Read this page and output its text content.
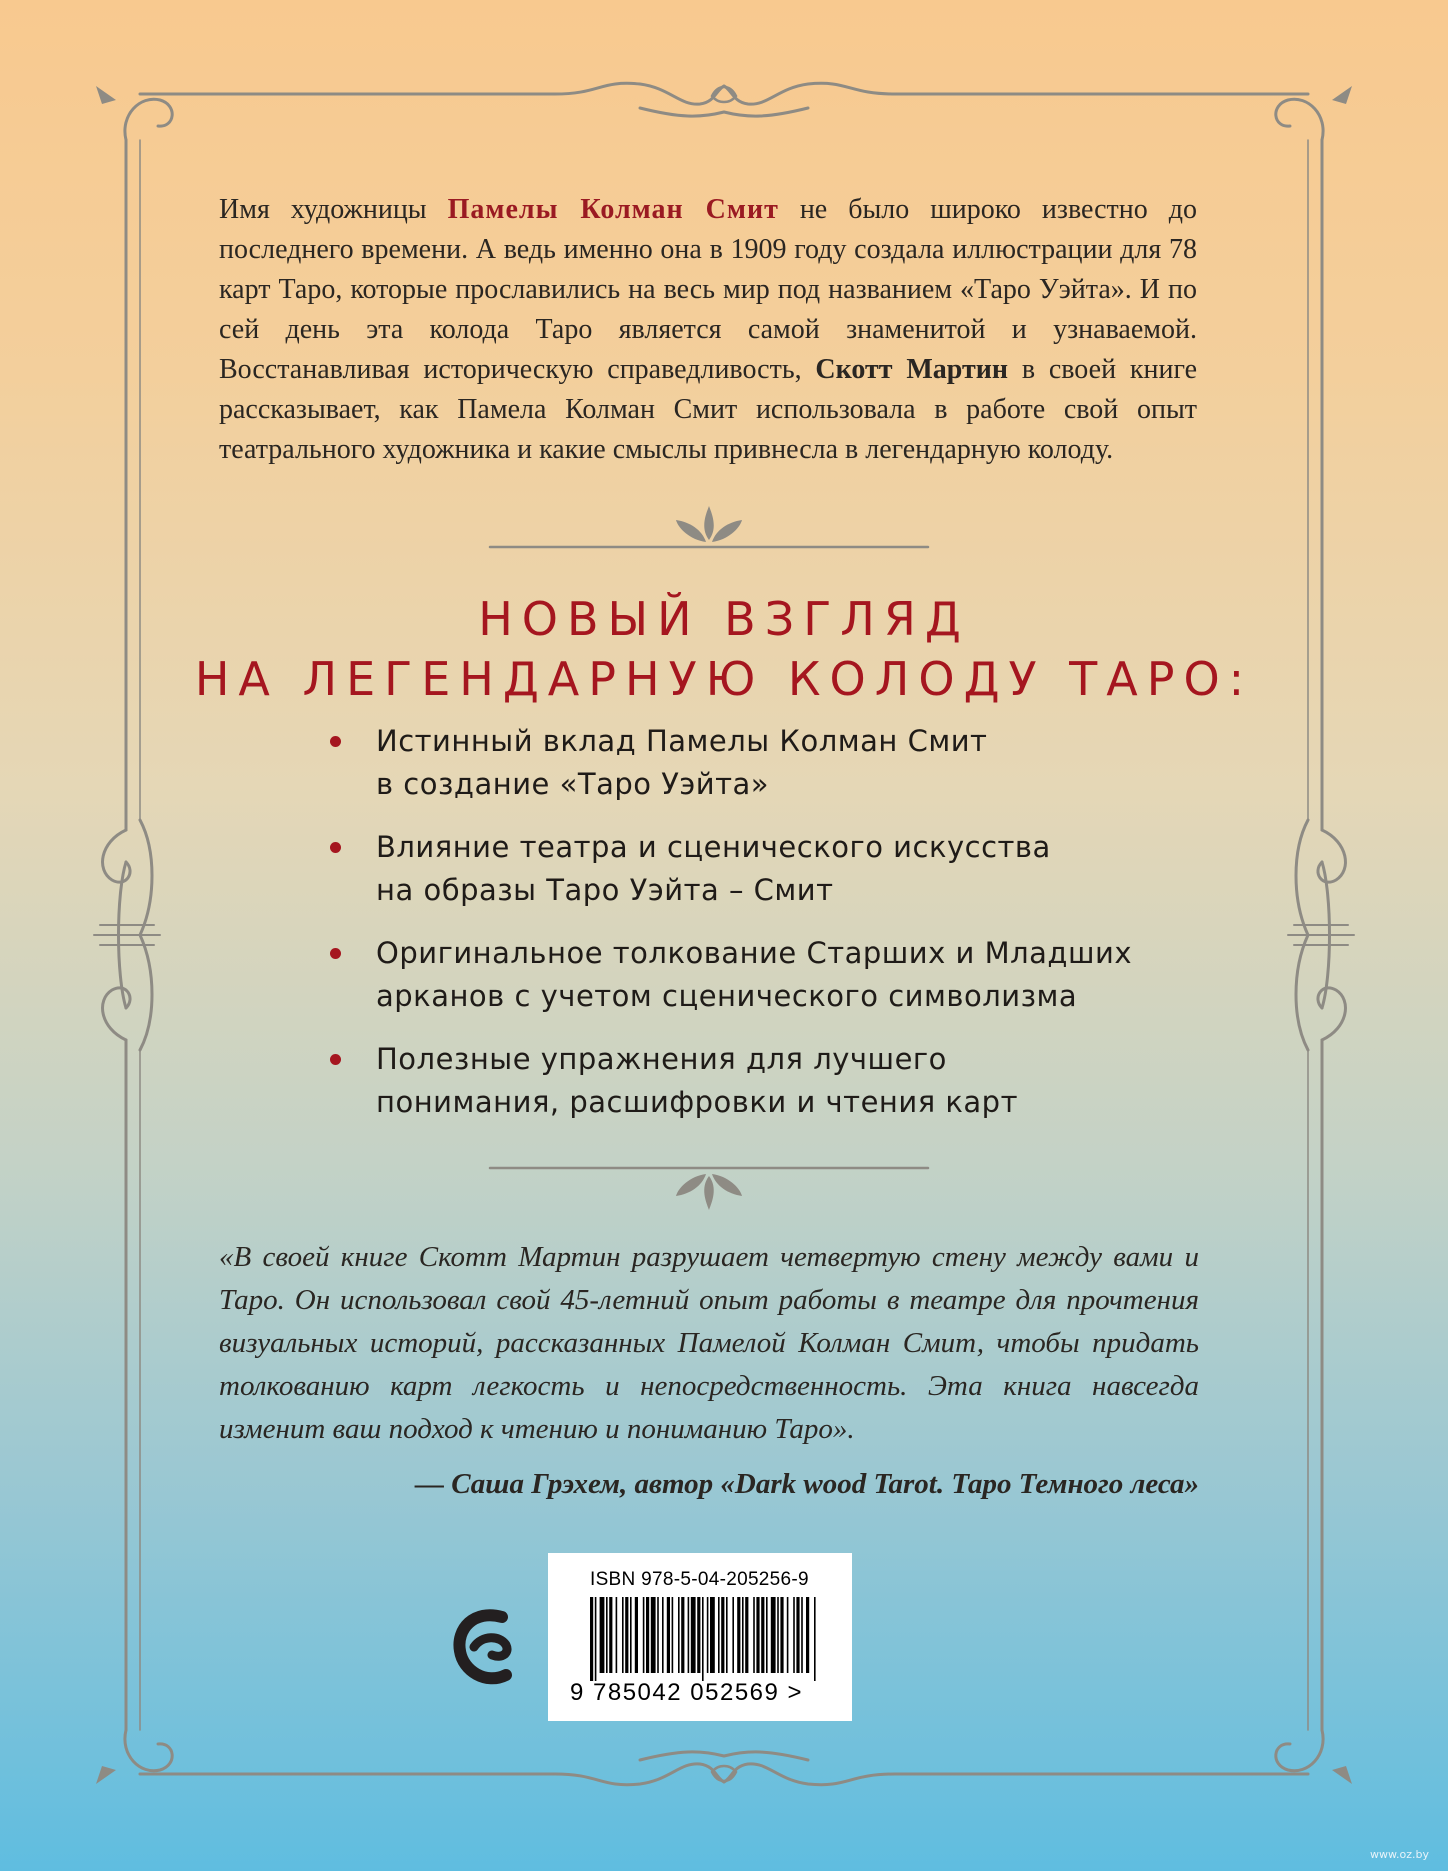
Имя художницы Памелы Колман Смит не было широко известно до последнего времени. А ведь именно она в 1909 году создала иллюстрации для 78 карт Таро, которые прославились на весь мир под названием «Таро Уэйта». И по сей день эта колода Таро является самой знаменитой и узнаваемой. Восстанавливая историческую справедливость, Скотт Мартин в своей книге рассказывает, как Памела Колман Смит использовала в работе свой опыт театрального художника и какие смыслы привнесла в легендарную колоду.

НОВЫЙ ВЗГЛЯД
НА ЛЕГЕНДАРНУЮ КОЛОДУ ТАРО:
Истинный вклад Памелы Колман Смит
в создание «Таро Уэйта»
Влияние театра и сценического искусства
на образы Таро Уэйта – Смит
Оригинальное толкование Старших и Младших
арканов с учетом сценического символизма
Полезные упражнения для лучшего
понимания, расшифровки и чтения карт

«В своей книге Скотт Мартин разрушает четвертую стену между вами и Таро. Он использовал свой 45-летний опыт работы в театре для прочтения визуальных историй, рассказанных Памелой Колман Смит, чтобы придать толкованию карт легкость и непосредственность. Эта книга навсегда изменит ваш подход к чтению и пониманию Таро».

— Саша Грэхем, автор «Dark wood Tarot. Таро Темного леса»

ISBN 978-5-04-205256-9
9 785042 052569 >
www.oz.by
